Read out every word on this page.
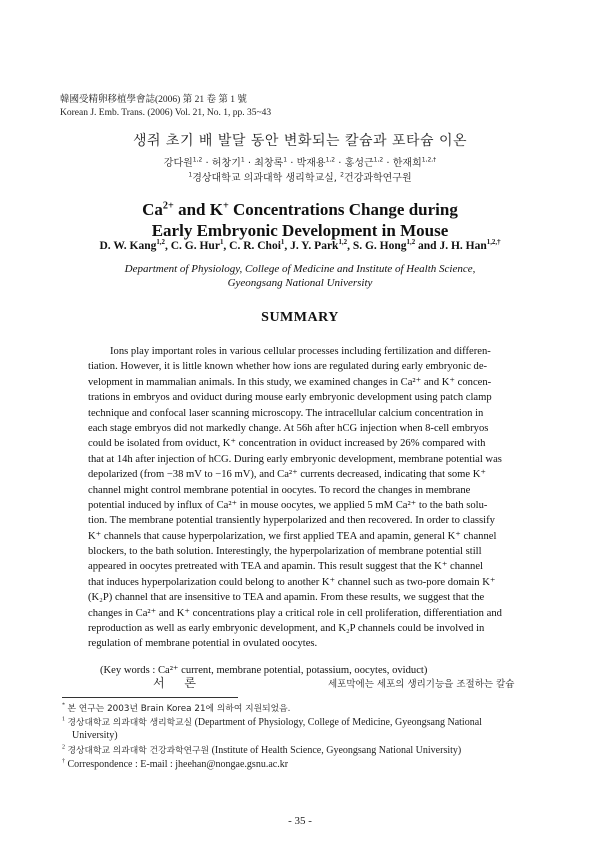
韓國受精卵移植學會誌(2006) 第 21 卷 第 1 號
Korean J. Emb. Trans. (2006) Vol. 21, No. 1, pp. 35~43
생쥐 초기 배 발달 동안 변화되는 칼슘과 포타슘 이온
강다원$^{1,2}$ · 허창기$^1$ · 최창록$^1$ · 박재용$^{1,2}$ · 홍성근$^{1,2}$ · 한재희$^{1,2,\dagger}$
$^1$경상대학교 의과대학 생리학교실, $^2$건강과학연구원
$Ca^{2+}$ and K+ Concentrations Change during
Early Embryonic Development in Mouse
D. W. Kang$^{1,2}$, C. G. Hur$^1$, C. R. Choi$^1$, J. Y. Park$^{1,2}$, S. G. Hong$^{1,2}$ and J. H. Han$^{1,2,\dagger}$
Department of Physiology, College of Medicine and Institute of Health Science,
Gyeongsang National University
SUMMARY
Ions play important roles in various cellular processes including fertilization and differen-
tiation. However, it is little known whether how ions are regulated during early embryonic de-
velopment in mammalian animals. In this study, we examined changes in Ca²⁺ and K⁺ concen-
trations in embryos and oviduct during mouse early embryonic development using patch clamp
technique and confocal laser scanning microscopy. The intracellular calcium concentration in
each stage embryos did not markedly change. At 56h after hCG injection when 8-cell embryos
could be isolated from oviduct, K⁺ concentration in oviduct increased by 26% compared with
that at 14h after injection of hCG. During early embryonic development, membrane potential was
depolarized (from −38 mV to −16 mV), and Ca²⁺ currents decreased, indicating that some K⁺
channel might control membrane potential in oocytes. To record the changes in membrane
potential induced by influx of Ca²⁺ in mouse oocytes, we applied 5 mM Ca²⁺ to the bath solu-
tion. The membrane potential transiently hyperpolarized and then recovered. In order to classify
K⁺ channels that cause hyperpolarization, we first applied TEA and apamin, general K⁺ channel
blockers, to the bath solution. Interestingly, the hyperpolarization of membrane potential still
appeared in oocytes pretreated with TEA and apamin. This result suggest that the K⁺ channel
that induces hyperpolarization could belong to another K⁺ channel such as two-pore domain K⁺
(K₂P) channel that are insensitive to TEA and apamin. From these results, we suggest that the
changes in Ca²⁺ and K⁺ concentrations play a critical role in cell proliferation, differentiation and
reproduction as well as early embryonic development, and K₂P channels could be involved in
regulation of membrane potential in ovulated oocytes.
(Key words : Ca²⁺ current, membrane potential, potassium, oocytes, oviduct)
서 론	세포막에는 세포의 생리기능을 조절하는 칼슘
* 본 연구는 2003년 Brain Korea 21에 의하여 지원되었음.
$^1$ 경상대학교 의과대학 생리학교실 (Department of Physiology, College of Medicine, Gyeongsang National
University)
$^2$ 경상대학교 의과대학 건강과학연구원 (Institute of Health Science, Gyeongsang National University)
† Correspondence : E-mail : jheehan@nongae.gsnu.ac.kr
- 35 -
